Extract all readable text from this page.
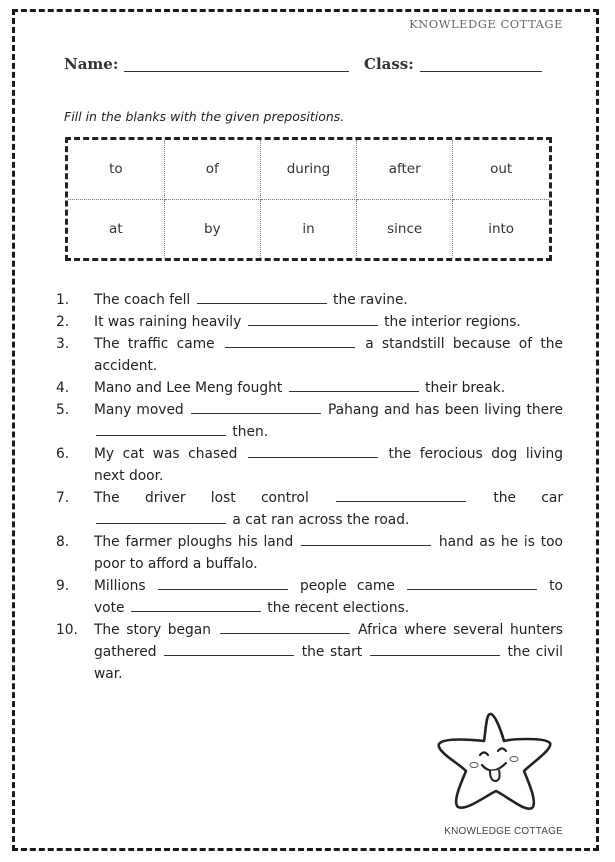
KNOWLEDGE COTTAGE
Name:	Class:
Fill in the blanks with the given prepositions.
to	of	during	after	out
at	by	in	since	into
1. The coach fell	the ravine.
2. It was raining heavily	the interior regions.
3. The traffic came	a standstill because of the accident.
4. Mano and Lee Meng fought	their break.
5. Many moved	Pahang and has been living there  then.
6. My cat was chased	the ferocious dog living next door.
7. The driver lost control	the car  a cat ran across the road.
8. The farmer ploughs his land	hand as he is too poor to afford a buffalo.
9. Millions	people came	to vote	the recent elections.
10. The story began	Africa where several hunters gathered	the start	the civil war.
KNOWLEDGE COTTAGE
